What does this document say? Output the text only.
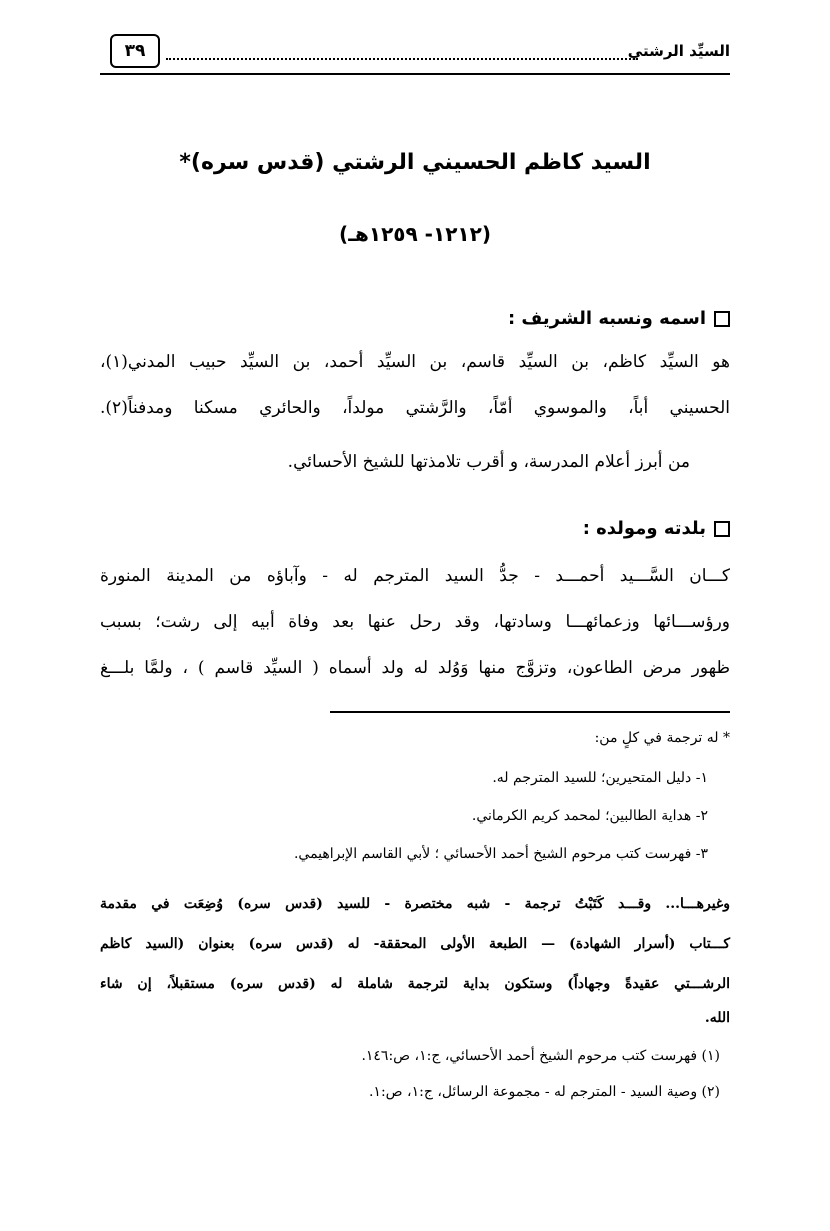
السيِّد الرشتي
٣٩
السيد كاظم الحسيني الرشتي (قدس سره)*
(١٢١٢- ١٢٥٩هـ)
اسمه ونسبه الشريف :
هو السيِّد كاظم، بن السيِّد قاسم، بن السيِّد أحمد، بن السيِّد حبيب المدني(١)،
الحسيني أباً، والموسوي أمّاً، والرَّشتي مولداً، والحائري مسكنا ومدفناً(٢).
من أبرز أعلام المدرسة، و أقرب تلامذتها للشيخ الأحسائي.
بلدته ومولده :
كـــان السَّـــيد أحمـــد - جدُّ السيد المترجم له - وآباؤه من المدينة المنورة
ورؤســـائها وزعمائهـــا وسادتها، وقد رحل عنها بعد وفاة أبيه إلى رشت؛ بسبب
ظهور مرض الطاعون، وتزوَّج منها وَوُلد له ولد أسماه ( السيِّد قاسم ) ، ولمَّا بلـــغ
* له ترجمة في كلٍ من:
١- دليل المتحيرين؛ للسيد المترجم له.
٢- هداية الطالبين؛ لمحمد كريم الكرماني.
٣- فهرست كتب مرحوم الشيخ أحمد الأحسائي ؛ لأبي القاسم الإبراهيمي.
وغيرهـــا... وقـــد كَتَبْتُ ترجمة - شبه مختصرة - للسيد (قدس سره) وُضِعَت في مقدمة
كـــتاب (أسرار الشهادة) — الطبعة الأولى المحققة- له (قدس سره) بعنوان (السيد كاظم
الرشـــتي عقيدةً وجهاداً) وستكون بداية لترجمة شاملة له (قدس سره) مستقبلاً، إن شاء
الله.
(١) فهرست كتب مرحوم الشيخ أحمد الأحسائي، ج:١، ص:١٤٦.
(٢) وصية السيد - المترجم له - مجموعة الرسائل، ج:١، ص:١.
